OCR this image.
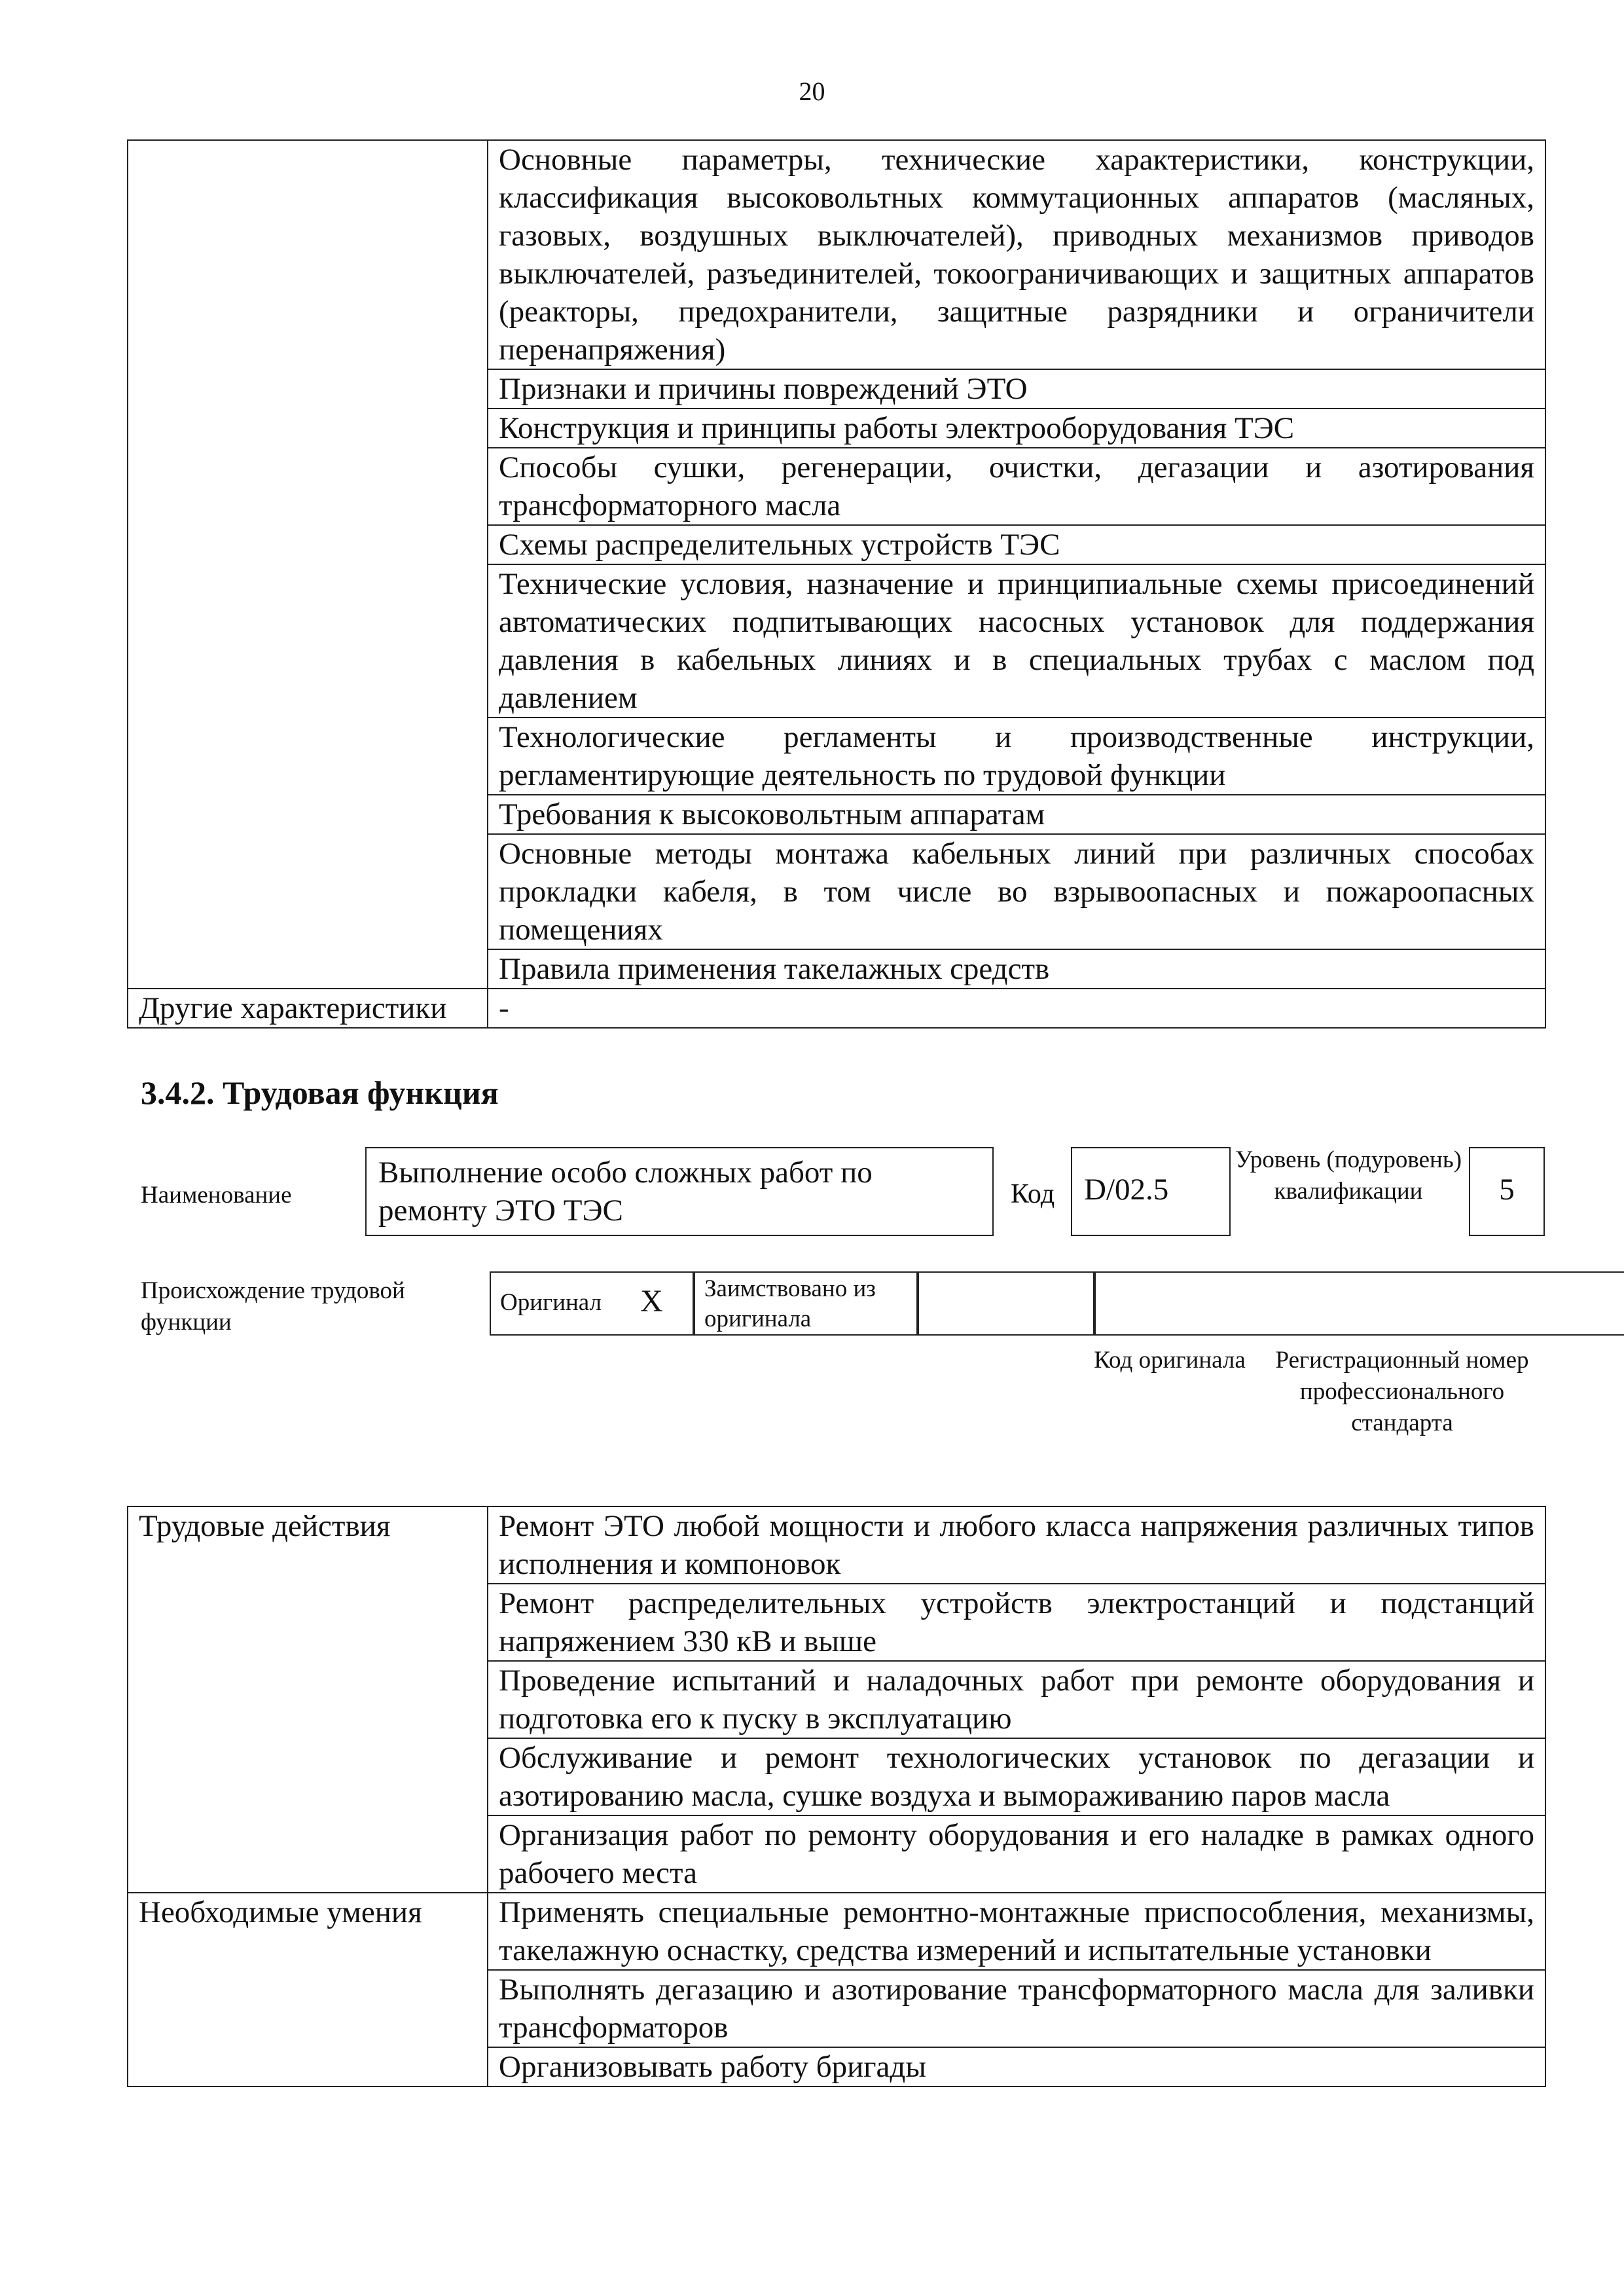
20
	Основные параметры, технические характеристики, конструкции, классификация высоковольтных коммутационных аппаратов (масляных, газовых, воздушных выключателей), приводных механизмов приводов выключателей, разъединителей, токоограничивающих и защитных аппаратов (реакторы, предохранители, защитные разрядники и ограничители перенапряжения)
	Признаки и причины повреждений ЭТО
	Конструкция и принципы работы электрооборудования ТЭС
	Способы сушки, регенерации, очистки, дегазации и азотирования трансформаторного масла
	Схемы распределительных устройств ТЭС
	Технические условия, назначение и принципиальные схемы присоединений автоматических подпитывающих насосных установок для поддержания давления в кабельных линиях и в специальных трубах с маслом под давлением
	Технологические регламенты и производственные инструкции, регламентирующие деятельность по трудовой функции
	Требования к высоковольтным аппаратам
	Основные методы монтажа кабельных линий при различных способах прокладки кабеля, в том числе во взрывоопасных и пожароопасных помещениях
	Правила применения такелажных средств
Другие характеристики	-
3.4.2. Трудовая функция
Наименование
Выполнение особо сложных работ по ремонту ЭТО ТЭС	Код D/02.5
Уровень (подуровень) квалификации	5
Происхождение трудовой функции
Оригинал X Заимствовано из оригинала
Код оригинала	Регистрационный номер профессионального стандарта
Трудовые действия	Ремонт ЭТО любой мощности и любого класса напряжения различных типов исполнения и компоновок
	Ремонт распределительных устройств электростанций и подстанций напряжением 330 кВ и выше
	Проведение испытаний и наладочных работ при ремонте оборудования и подготовка его к пуску в эксплуатацию
	Обслуживание и ремонт технологических установок по дегазации и азотированию масла, сушке воздуха и вымораживанию паров масла
	Организация работ по ремонту оборудования и его наладке в рамках одного рабочего места
Необходимые умения	Применять специальные ремонтно-монтажные приспособления, механизмы, такелажную оснастку, средства измерений и испытательные установки
	Выполнять дегазацию и азотирование трансформаторного масла для заливки трансформаторов
	Организовывать работу бригады
